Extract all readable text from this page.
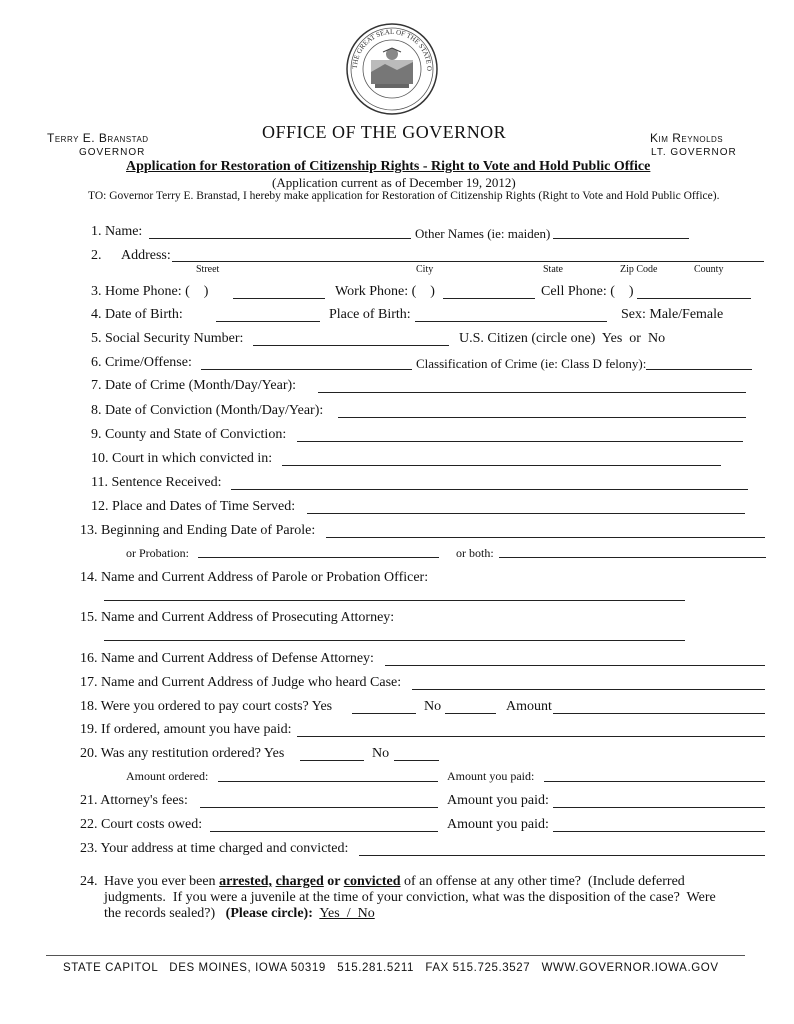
THE GREAT SEAL OF THE STATE O
Terry E. Branstad
GOVERNOR
OFFICE OF THE GOVERNOR	Kim Reynolds
LT. GOVERNOR
Application for Restoration of Citizenship Rights - Right to Vote and Hold Public Office
(Application current as of December 19, 2012)
TO: Governor Terry E. Branstad, I hereby make application for Restoration of Citizenship Rights (Right to Vote and Hold Public Office).
1. Name:	Other Names (ie: maiden)
2. Address:
Street	City	State	Zip Code	County
3. Home Phone: (    )	Work Phone: (    )	Cell Phone: (    )
4. Date of Birth:	Place of Birth:	Sex: Male/Female
5. Social Security Number:	U.S. Citizen (circle one)  Yes  or  No
6. Crime/Offense:	Classification of Crime (ie: Class D felony):
7. Date of Crime (Month/Day/Year):
8. Date of Conviction (Month/Day/Year):
9. County and State of Conviction:
10. Court in which convicted in:
11. Sentence Received:
12. Place and Dates of Time Served:
13. Beginning and Ending Date of Parole:
or Probation:	or both:
14. Name and Current Address of Parole or Probation Officer:
15. Name and Current Address of Prosecuting Attorney:
16. Name and Current Address of Defense Attorney:
17. Name and Current Address of Judge who heard Case:
18. Were you ordered to pay court costs? Yes	No	Amount
19. If ordered, amount you have paid:
20. Was any restitution ordered? Yes	No
Amount ordered:	Amount you paid:
21. Attorney's fees:	Amount you paid:
22. Court costs owed:	Amount you paid:
23. Your address at time charged and convicted:
24. Have you ever been arrested, charged or convicted of an offense at any other time?  (Include deferred
judgments.  If you were a juvenile at the time of your conviction, what was the disposition of the case?  Were
the records sealed?)   (Please circle): Yes  /  No
STATE CAPITOL   DES MOINES, IOWA 50319   515.281.5211   FAX 515.725.3527   WWW.GOVERNOR.IOWA.GOV
